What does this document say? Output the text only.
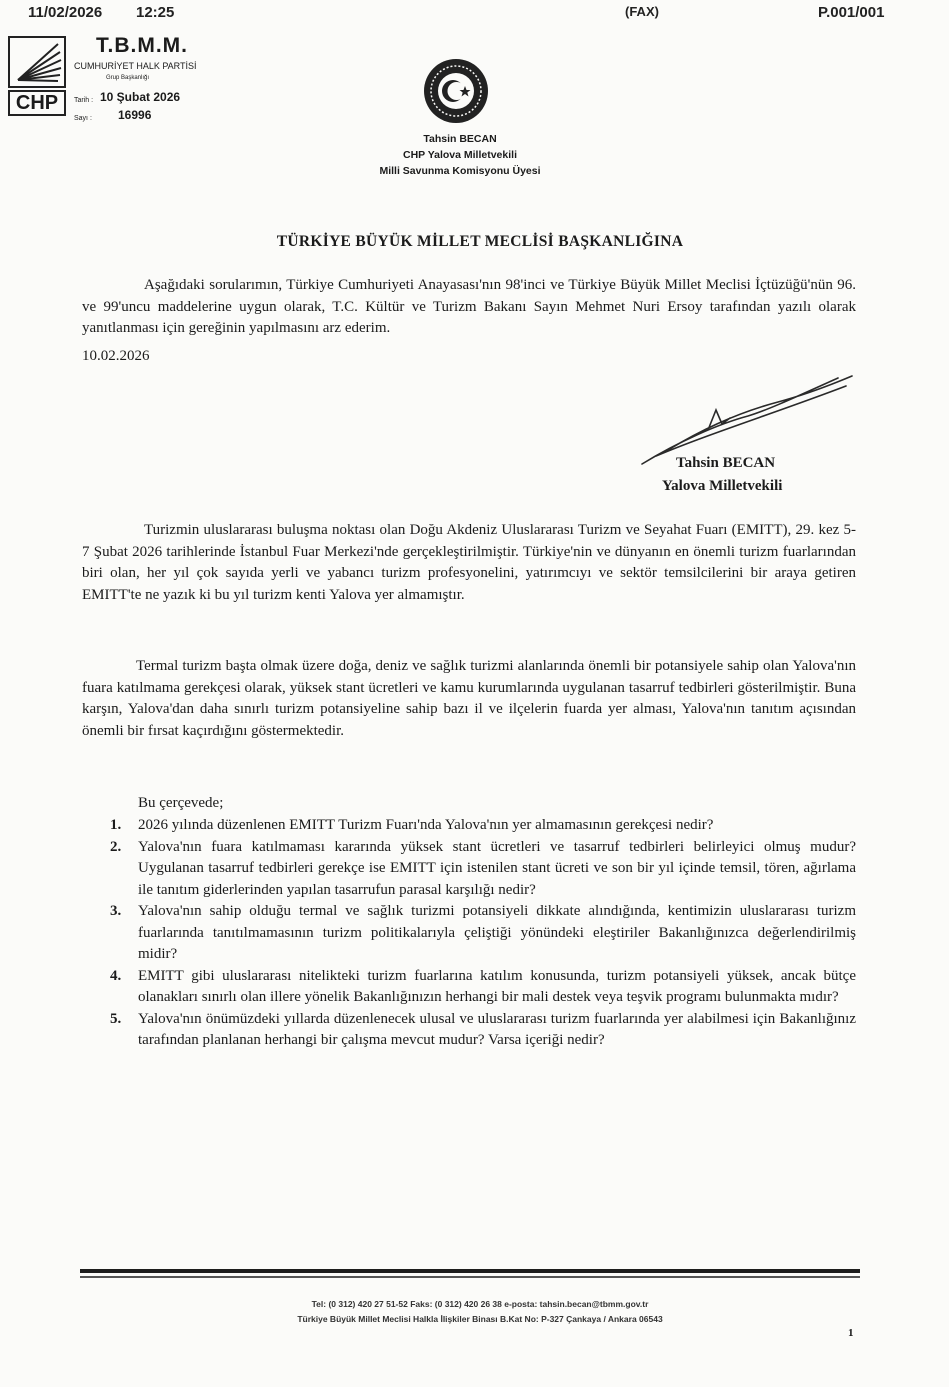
11/02/2026 12:25	(FAX)	P.001/001
CHP
T.B.M.M.
CUMHURİYET HALK PARTİSİ
Grup Başkanlığı
Tarih : 10 Şubat 2026
Sayı : 16996
Tahsin BECAN
CHP Yalova Milletvekili
Milli Savunma Komisyonu Üyesi
TÜRKİYE BÜYÜK MİLLET MECLİSİ BAŞKANLIĞINA
Aşağıdaki sorularımın, Türkiye Cumhuriyeti Anayasası'nın 98'inci ve Türkiye Büyük Millet Meclisi İçtüzüğü'nün 96. ve 99'uncu maddelerine uygun olarak, T.C. Kültür ve Turizm Bakanı Sayın Mehmet Nuri Ersoy tarafından yazılı olarak yanıtlanması için gereğinin yapılmasını arz ederim.
10.02.2026
Tahsin BECAN
Yalova Milletvekili
Turizmin uluslararası buluşma noktası olan Doğu Akdeniz Uluslararası Turizm ve Seyahat Fuarı (EMITT), 29. kez 5-7 Şubat 2026 tarihlerinde İstanbul Fuar Merkezi'nde gerçekleştirilmiştir. Türkiye'nin ve dünyanın en önemli turizm fuarlarından biri olan, her yıl çok sayıda yerli ve yabancı turizm profesyonelini, yatırımcıyı ve sektör temsilcilerini bir araya getiren EMITT'te ne yazık ki bu yıl turizm kenti Yalova yer almamıştır.
Termal turizm başta olmak üzere doğa, deniz ve sağlık turizmi alanlarında önemli bir potansiyele sahip olan Yalova'nın fuara katılmama gerekçesi olarak, yüksek stant ücretleri ve kamu kurumlarında uygulanan tasarruf tedbirleri gösterilmiştir. Buna karşın, Yalova'dan daha sınırlı turizm potansiyeline sahip bazı il ve ilçelerin fuarda yer alması, Yalova'nın tanıtım açısından önemli bir fırsat kaçırdığını göstermektedir.
Bu çerçevede;
1. 2026 yılında düzenlenen EMITT Turizm Fuarı'nda Yalova'nın yer almamasının gerekçesi nedir?
2. Yalova'nın fuara katılmaması kararında yüksek stant ücretleri ve tasarruf tedbirleri belirleyici olmuş mudur? Uygulanan tasarruf tedbirleri gerekçe ise EMITT için istenilen stant ücreti ve son bir yıl içinde temsil, tören, ağırlama ile tanıtım giderlerinden yapılan tasarrufun parasal karşılığı nedir?
3. Yalova'nın sahip olduğu termal ve sağlık turizmi potansiyeli dikkate alındığında, kentimizin uluslararası turizm fuarlarında tanıtılmamasının turizm politikalarıyla çeliştiği yönündeki eleştiriler Bakanlığınızca değerlendirilmiş midir?
4. EMITT gibi uluslararası nitelikteki turizm fuarlarına katılım konusunda, turizm potansiyeli yüksek, ancak bütçe olanakları sınırlı olan illere yönelik Bakanlığınızın herhangi bir mali destek veya teşvik programı bulunmakta mıdır?
5. Yalova'nın önümüzdeki yıllarda düzenlenecek ulusal ve uluslararası turizm fuarlarında yer alabilmesi için Bakanlığınız tarafından planlanan herhangi bir çalışma mevcut mudur? Varsa içeriği nedir?
Tel: (0 312) 420 27 51-52 Faks: (0 312) 420 26 38 e-posta: tahsin.becan@tbmm.gov.tr
Türkiye Büyük Millet Meclisi Halkla İlişkiler Binası B.Kat No: P-327 Çankaya / Ankara 06543
1
